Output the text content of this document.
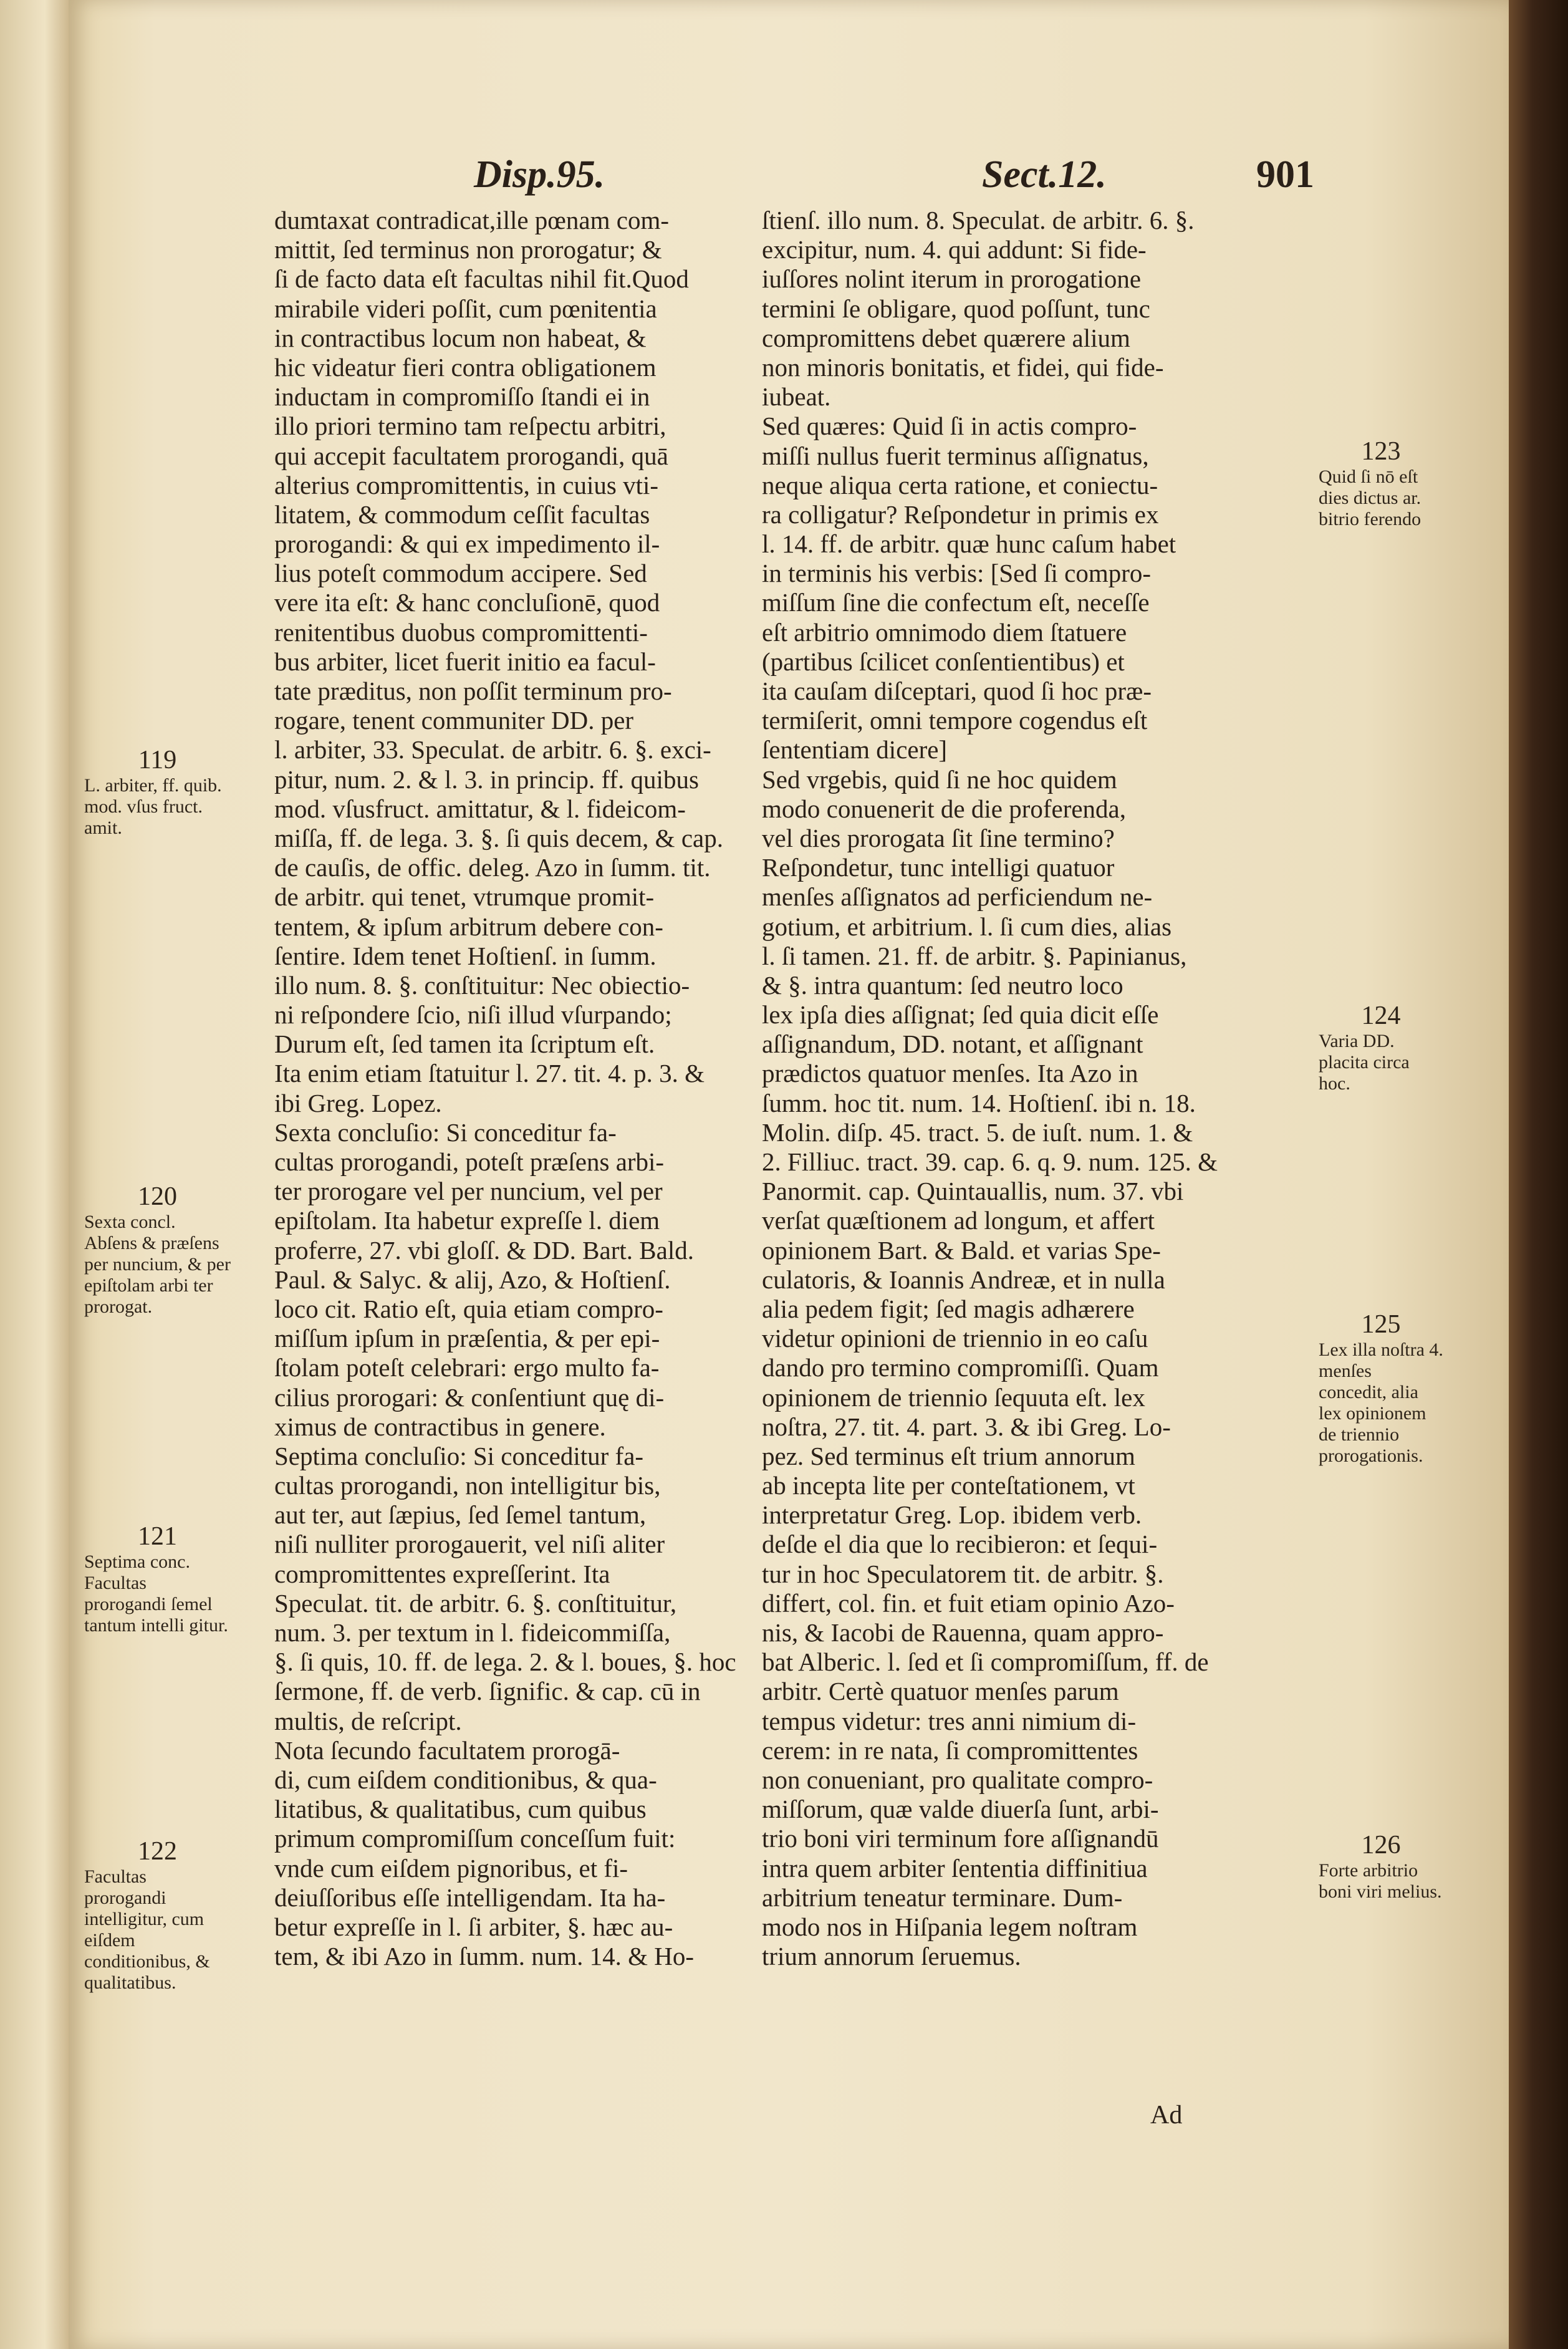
Disp.95.	Sect.12.	901
dumtaxat contradicat,ille pœnam com-
mittit, ſed terminus non prorogatur; &
ſi de facto data eſt facultas nihil fit.Quod
mirabile videri poſſit, cum pœnitentia
in contractibus locum non habeat, &
hic videatur fieri contra obligationem
inductam in compromiſſo ſtandi ei in
illo priori termino tam reſpectu arbitri,
qui accepit facultatem prorogandi, quā
alterius compromittentis, in cuius vti-
litatem, & commodum ceſſit facultas
prorogandi: & qui ex impedimento il-
lius poteſt commodum accipere. Sed
vere ita eſt: & hanc concluſionē, quod
renitentibus duobus compromittenti-
bus arbiter, licet fuerit initio ea facul-
tate præditus, non poſſit terminum pro-
rogare, tenent communiter DD. per
l. arbiter, 33. Speculat. de arbitr. 6. §. exci-
pitur, num. 2. & l. 3. in princip. ff. quibus
mod. vſusfruct. amittatur, & l. fideicom-
miſſa, ff. de lega. 3. §. ſi quis decem, & cap.
de cauſis, de offic. deleg. Azo in ſumm. tit.
de arbitr. qui tenet, vtrumque promit-
tentem, & ipſum arbitrum debere con-
ſentire. Idem tenet Hoſtienſ. in ſumm.
illo num. 8. §. conſtituitur: Nec obiectio-
ni reſpondere ſcio, niſi illud vſurpando;
Durum eſt, ſed tamen ita ſcriptum eſt.
Ita enim etiam ſtatuitur l. 27. tit. 4. p. 3. &
ibi Greg. Lopez.
Sexta concluſio: Si conceditur fa-
cultas prorogandi, poteſt præſens arbi-
ter prorogare vel per nuncium, vel per
epiſtolam. Ita habetur expreſſe l. diem
proferre, 27. vbi gloſſ. & DD. Bart. Bald.
Paul. & Salyc. & alij, Azo, & Hoſtienſ.
loco cit. Ratio eſt, quia etiam compro-
miſſum ipſum in præſentia, & per epi-
ſtolam poteſt celebrari: ergo multo fa-
cilius prorogari: & conſentiunt quę di-
ximus de contractibus in genere.
Septima concluſio: Si conceditur fa-
cultas prorogandi, non intelligitur bis,
aut ter, aut ſæpius, ſed ſemel tantum,
niſi nulliter prorogauerit, vel niſi aliter
compromittentes expreſſerint. Ita
Speculat. tit. de arbitr. 6. §. conſtituitur,
num. 3. per textum in l. fideicommiſſa,
§. ſi quis, 10. ff. de lega. 2. & l. boues, §. hoc
ſermone, ff. de verb. ſignific. & cap. cū in
multis, de reſcript.
Nota ſecundo facultatem prorogā-
di, cum eiſdem conditionibus, & qua-
litatibus, & qualitatibus, cum quibus
primum compromiſſum conceſſum fuit:
vnde cum eiſdem pignoribus, et fi-
deiuſſoribus eſſe intelligendam. Ita ha-
betur expreſſe in l. ſi arbiter, §. hæc au-
tem, & ibi Azo in ſumm. num. 14. & Ho-
ſtienſ. illo num. 8. Speculat. de arbitr. 6. §.
excipitur, num. 4. qui addunt: Si fide-
iuſſores nolint iterum in prorogatione
termini ſe obligare, quod poſſunt, tunc
compromittens debet quærere alium
non minoris bonitatis, et fidei, qui fide-
iubeat.
Sed quæres: Quid ſi in actis compro-
miſſi nullus fuerit terminus aſſignatus,
neque aliqua certa ratione, et coniectu-
ra colligatur? Reſpondetur in primis ex
l. 14. ff. de arbitr. quæ hunc caſum habet
in terminis his verbis: [Sed ſi compro-
miſſum ſine die confectum eſt, neceſſe
eſt arbitrio omnimodo diem ſtatuere
(partibus ſcilicet conſentientibus) et
ita cauſam diſceptari, quod ſi hoc præ-
termiſerit, omni tempore cogendus eſt
ſententiam dicere]
Sed vrgebis, quid ſi ne hoc quidem
modo conuenerit de die proferenda,
vel dies prorogata ſit ſine termino?
Reſpondetur, tunc intelligi quatuor
menſes aſſignatos ad perficiendum ne-
gotium, et arbitrium. l. ſi cum dies, alias
l. ſi tamen. 21. ff. de arbitr. §. Papinianus,
& §. intra quantum: ſed neutro loco
lex ipſa dies aſſignat; ſed quia dicit eſſe
aſſignandum, DD. notant, et aſſignant
prædictos quatuor menſes. Ita Azo in
ſumm. hoc tit. num. 14. Hoſtienſ. ibi n. 18.
Molin. diſp. 45. tract. 5. de iuſt. num. 1. &
2. Filliuc. tract. 39. cap. 6. q. 9. num. 125. &
Panormit. cap. Quintauallis, num. 37. vbi
verſat quæſtionem ad longum, et affert
opinionem Bart. & Bald. et varias Spe-
culatoris, & Ioannis Andreæ, et in nulla
alia pedem figit; ſed magis adhærere
videtur opinioni de triennio in eo caſu
dando pro termino compromiſſi. Quam
opinionem de triennio ſequuta eſt. lex
noſtra, 27. tit. 4. part. 3. & ibi Greg. Lo-
pez. Sed terminus eſt trium annorum
ab incepta lite per conteſtationem, vt
interpretatur Greg. Lop. ibidem verb.
deſde el dia que lo recibieron: et ſequi-
tur in hoc Speculatorem tit. de arbitr. §.
differt, col. fin. et fuit etiam opinio Azo-
nis, & Iacobi de Rauenna, quam appro-
bat Alberic. l. ſed et ſi compromiſſum, ff. de
arbitr. Certè quatuor menſes parum
tempus videtur: tres anni nimium di-
cerem: in re nata, ſi compromittentes
non conueniant, pro qualitate compro-
miſſorum, quæ valde diuerſa ſunt, arbi-
trio boni viri terminum fore aſſignandū
intra quem arbiter ſententia diffinitiua
arbitrium teneatur terminare. Dum-
modo nos in Hiſpania legem noſtram
trium annorum ſeruemus.
Ad
119
L. arbiter, ff. quib. mod. vſus fruct. amit.
120
Sexta concl. Abſens & præſens per nuncium, & per epiſtolam arbi ter prorogat.
121
Septima conc. Facultas prorogandi ſemel tantum intelli gitur.
122
Facultas prorogandi intelligitur, cum eiſdem conditionibus, & qualitatibus.
123
Quid ſi nō eſt dies dictus ar. bitrio ferendo
124
Varia DD. placita circa hoc.
125
Lex illa noſtra 4. menſes concedit, alia lex opinionem de triennio prorogationis.
126
Forte arbitrio boni viri melius.
